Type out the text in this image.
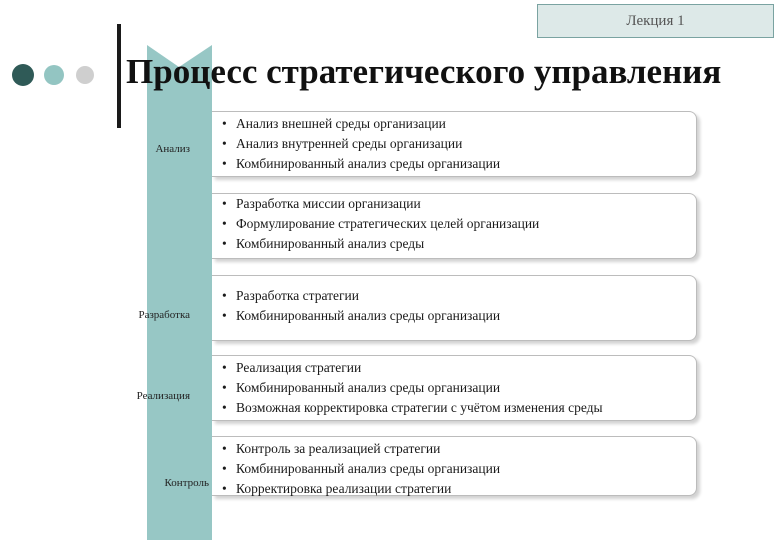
Лекция 1
Анализ
Разработка
Реализация
Контроль
Процесс стратегического управления
• Анализ внешней среды организации
• Анализ внутренней среды организации
• Комбинированный анализ среды организации
• Разработка миссии организации
• Формулирование стратегических целей организации
• Комбинированный анализ среды
• Разработка стратегии
• Комбинированный анализ среды организации
• Реализация стратегии
• Комбинированный анализ среды организации
• Возможная корректировка стратегии с учётом изменения среды
• Контроль за реализацией стратегии
• Комбинированный анализ среды организации
• Корректировка реализации стратегии
